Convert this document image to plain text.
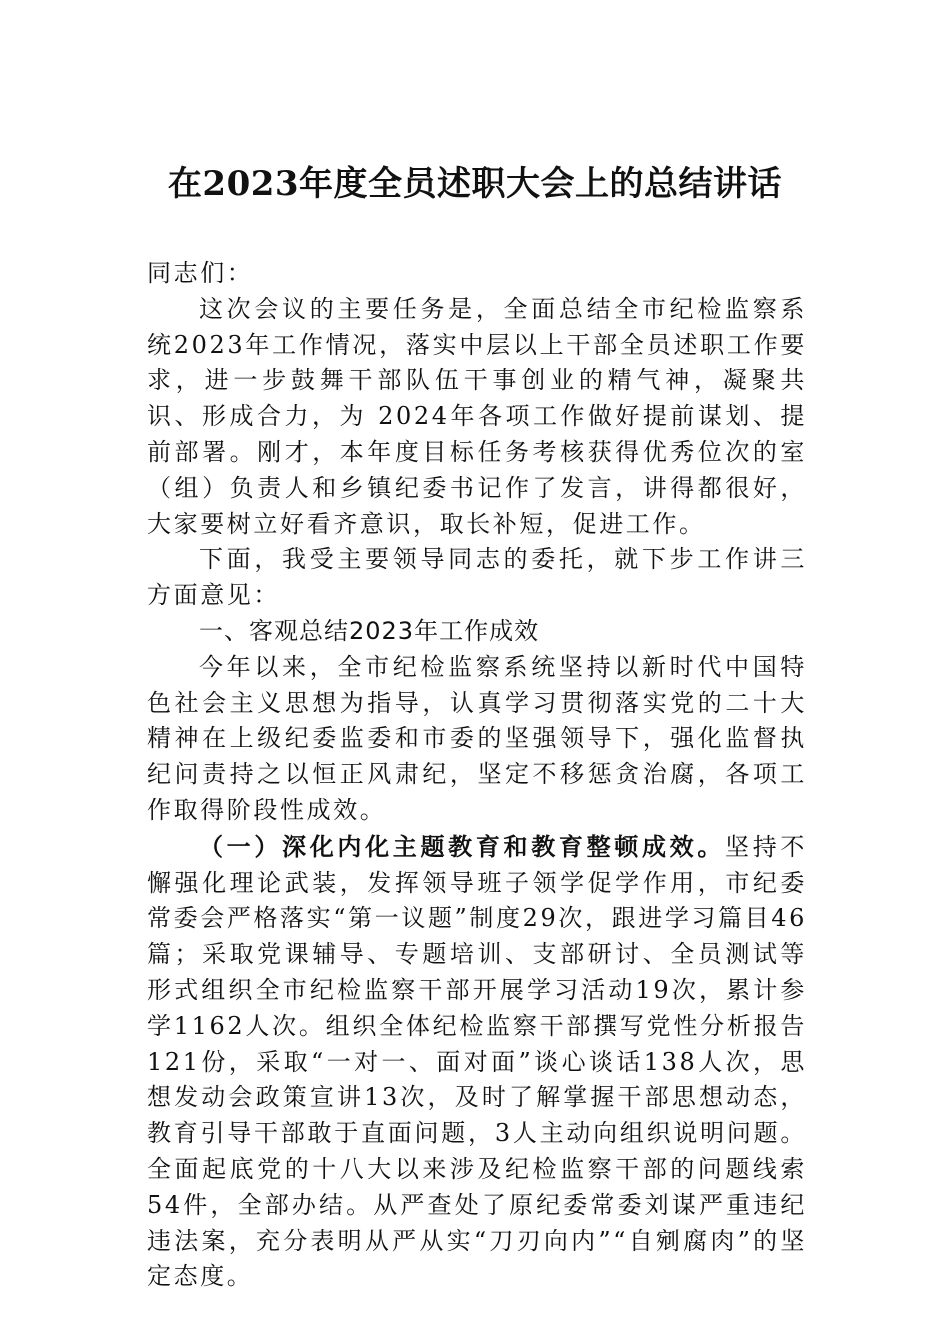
在2023年度全员述职大会上的总结讲话

同志们：

这次会议的主要任务是，全面总结全市纪检监察系统2023年工作情况，落实中层以上干部全员述职工作要求，进一步鼓舞干部队伍干事创业的精气神，凝聚共识、形成合力，为 2024年各项工作做好提前谋划、提前部署。刚才，本年度目标任务考核获得优秀位次的室（组）负责人和乡镇纪委书记作了发言，讲得都很好，大家要树立好看齐意识，取长补短，促进工作。

下面，我受主要领导同志的委托，就下步工作讲三方面意见：

一、客观总结2023年工作成效

今年以来，全市纪检监察系统坚持以新时代中国特色社会主义思想为指导，认真学习贯彻落实党的二十大精神在上级纪委监委和市委的坚强领导下，强化监督执纪问责持之以恒正风肃纪，坚定不移惩贪治腐，各项工作取得阶段性成效。

（一）深化内化主题教育和教育整顿成效。坚持不懈强化理论武装，发挥领导班子领学促学作用，市纪委常委会严格落实“第一议题”制度29次，跟进学习篇目46篇；采取党课辅导、专题培训、支部研讨、全员测试等形式组织全市纪检监察干部开展学习活动19次，累计参学1162人次。组织全体纪检监察干部撰写党性分析报告121份，采取“一对一、面对面”谈心谈话138人次，思想发动会政策宣讲13次，及时了解掌握干部思想动态，教育引导干部敢于直面问题，3人主动向组织说明问题。全面起底党的十八大以来涉及纪检监察干部的问题线索54件，全部办结。从严查处了原纪委常委刘谋严重违纪违法案，充分表明从严从实“刀刃向内”“自剜腐肉”的坚定态度。
